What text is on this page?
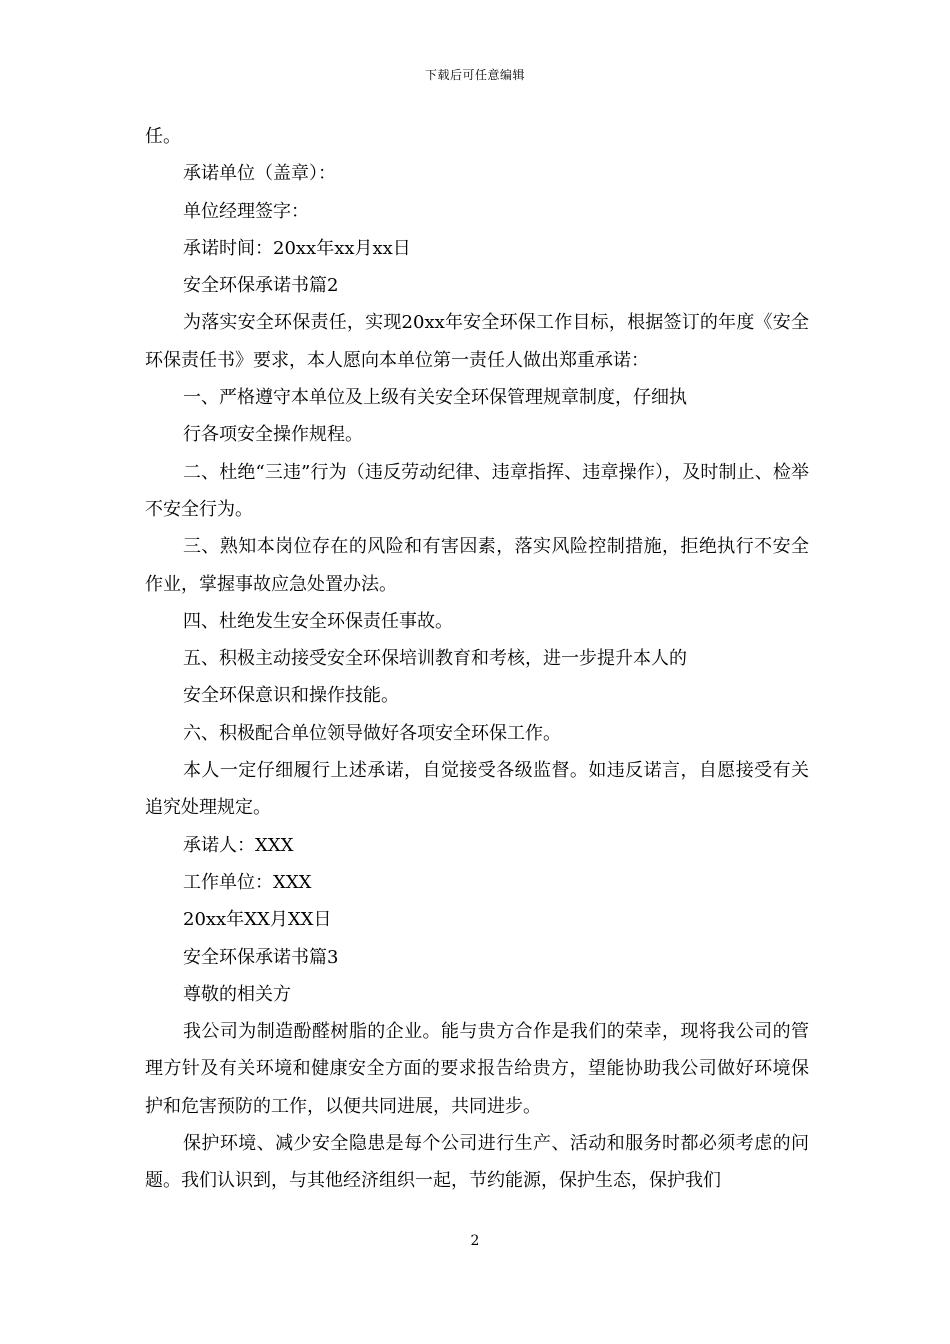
下载后可任意编辑
任。
承诺单位（盖章）：
单位经理签字：
承诺时间：20xx年xx月xx日
安全环保承诺书篇2
为落实安全环保责任，实现20xx年安全环保工作目标，根据签订的年度《安全环保责任书》要求，本人愿向本单位第一责任人做出郑重承诺：
一、严格遵守本单位及上级有关安全环保管理规章制度，仔细执
行各项安全操作规程。
二、杜绝“三违”行为（违反劳动纪律、违章指挥、违章操作），及时制止、检举不安全行为。
三、熟知本岗位存在的风险和有害因素，落实风险控制措施，拒绝执行不安全作业，掌握事故应急处置办法。
四、杜绝发生安全环保责任事故。
五、积极主动接受安全环保培训教育和考核，进一步提升本人的
安全环保意识和操作技能。
六、积极配合单位领导做好各项安全环保工作。
本人一定仔细履行上述承诺，自觉接受各级监督。如违反诺言，自愿接受有关追究处理规定。
承诺人：XXX
工作单位：XXX
20xx年XX月XX日
安全环保承诺书篇3
尊敬的相关方
我公司为制造酚醛树脂的企业。能与贵方合作是我们的荣幸，现将我公司的管理方针及有关环境和健康安全方面的要求报告给贵方，望能协助我公司做好环境保护和危害预防的工作，以便共同进展，共同进步。
保护环境、减少安全隐患是每个公司进行生产、活动和服务时都必须考虑的问题。我们认识到，与其他经济组织一起，节约能源，保护生态，保护我们
2
